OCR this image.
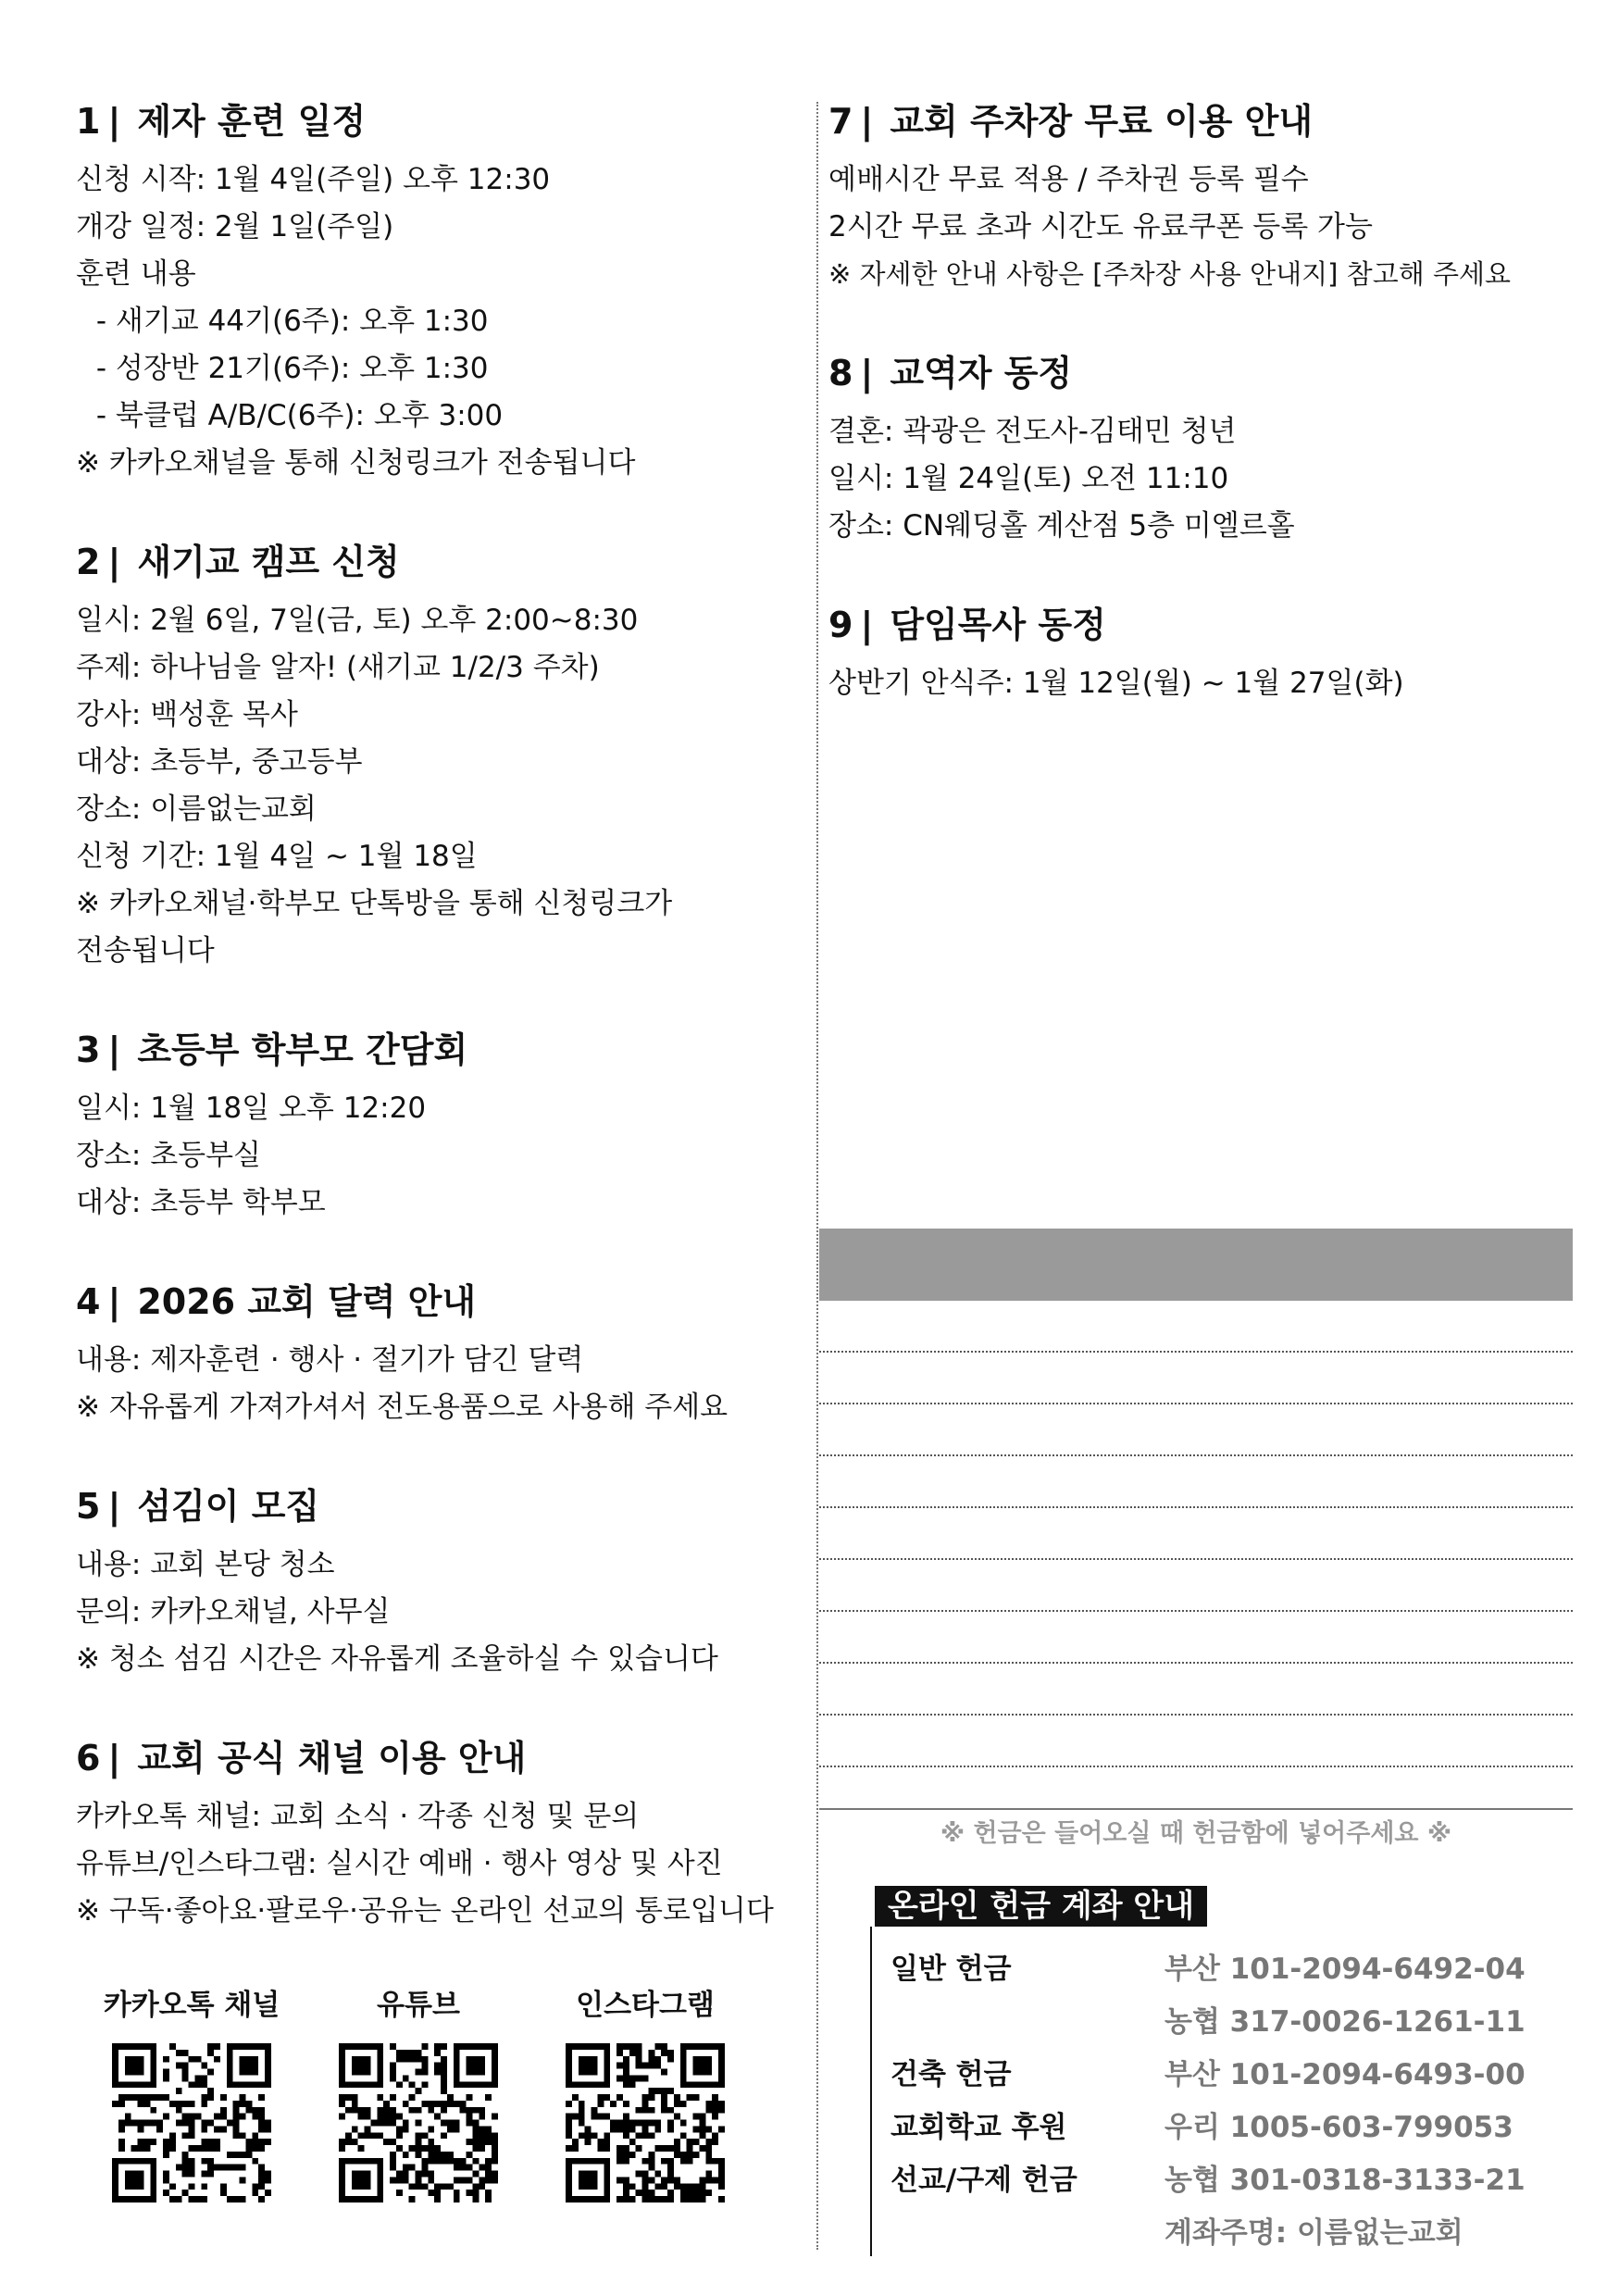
1 | 제자 훈련 일정
신청 시작: 1월 4일(주일) 오후 12:30
개강 일정: 2월 1일(주일)
훈련 내용
- 새기교 44기(6주): 오후 1:30
- 성장반 21기(6주): 오후 1:30
- 북클럽 A/B/C(6주): 오후 3:00
※ 카카오채널을 통해 신청링크가 전송됩니다
2 | 새기교 캠프 신청
일시: 2월 6일, 7일(금, 토) 오후 2:00~8:30
주제: 하나님을 알자! (새기교 1/2/3 주차)
강사: 백성훈 목사
대상: 초등부, 중고등부
장소: 이름없는교회
신청 기간: 1월 4일 ~ 1월 18일
※ 카카오채널·학부모 단톡방을 통해 신청링크가
전송됩니다
3 | 초등부 학부모 간담회
일시: 1월 18일 오후 12:20
장소: 초등부실
대상: 초등부 학부모
4 | 2026 교회 달력 안내
내용: 제자훈련 · 행사 · 절기가 담긴 달력
※ 자유롭게 가져가셔서 전도용품으로 사용해 주세요
5 | 섬김이 모집
내용: 교회 본당 청소
문의: 카카오채널, 사무실
※ 청소 섬김 시간은 자유롭게 조율하실 수 있습니다
6 | 교회 공식 채널 이용 안내
카카오톡 채널: 교회 소식 · 각종 신청 및 문의
유튜브/인스타그램: 실시간 예배 · 행사 영상 및 사진
※ 구독·좋아요·팔로우·공유는 온라인 선교의 통로입니다
카카오톡 채널	유튜브	인스타그램
7 | 교회 주차장 무료 이용 안내
예배시간 무료 적용 / 주차권 등록 필수
2시간 무료 초과 시간도 유료쿠폰 등록 가능
※ 자세한 안내 사항은 [주차장 사용 안내지] 참고해 주세요
8 | 교역자 동정
결혼: 곽광은 전도사-김태민 청년
일시: 1월 24일(토) 오전 11:10
장소: CN웨딩홀 계산점 5층 미엘르홀
9 | 담임목사 동정
상반기 안식주: 1월 12일(월) ~ 1월 27일(화)
※ 헌금은 들어오실 때 헌금함에 넣어주세요 ※
온라인 헌금 계좌 안내
일반 헌금	부산 101-2094-6492-04
농협 317-0026-1261-11
건축 헌금	부산 101-2094-6493-00
교회학교 후원	우리 1005-603-799053
선교/구제 헌금	농협 301-0318-3133-21
계좌주명: 이름없는교회
